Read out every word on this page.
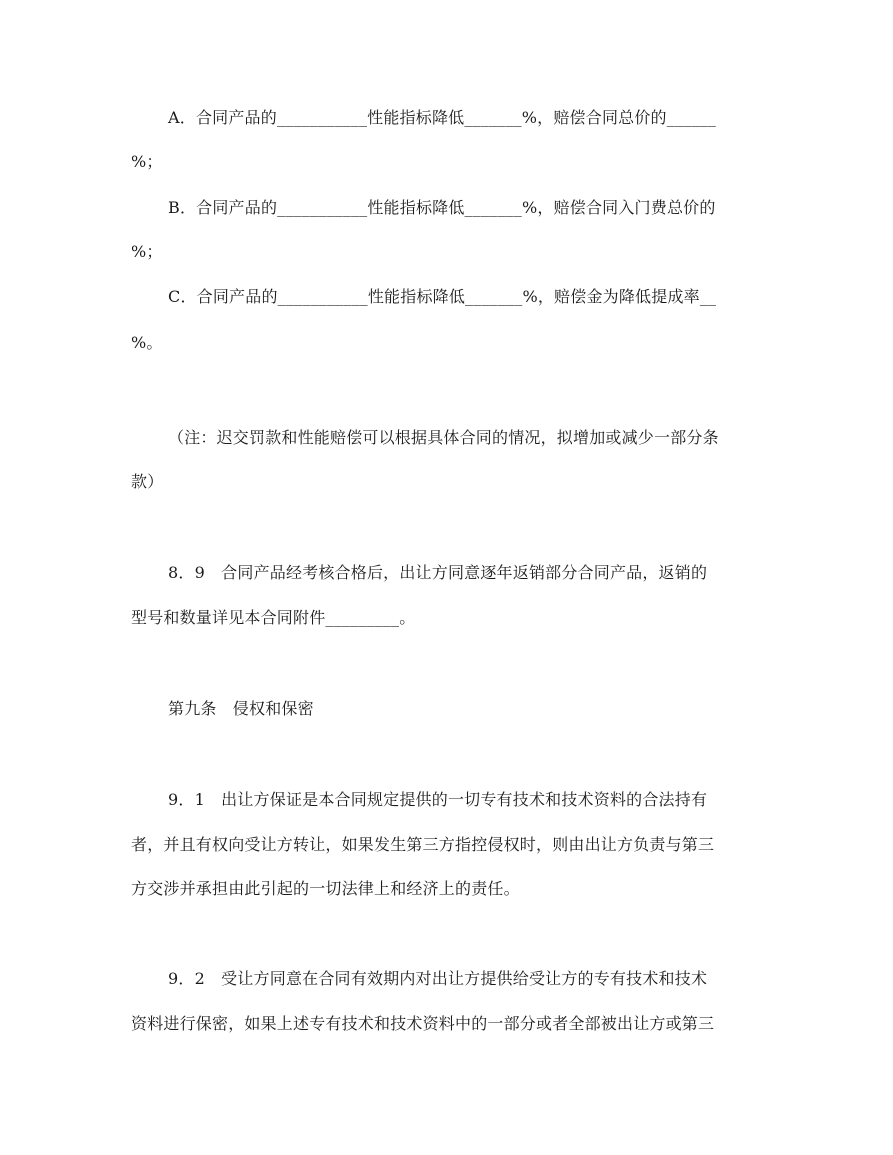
A．合同产品的___________性能指标降低_______%，赔偿合同总价的______
%；
B．合同产品的___________性能指标降低_______%，赔偿合同入门费总价的
%；
C．合同产品的___________性能指标降低_______%，赔偿金为降低提成率__
%。
（注：迟交罚款和性能赔偿可以根据具体合同的情况，拟增加或减少一部分条
款）
8．9　合同产品经考核合格后，出让方同意逐年返销部分合同产品，返销的
型号和数量详见本合同附件_________。
第九条　侵权和保密
9．1　出让方保证是本合同规定提供的一切专有技术和技术资料的合法持有
者，并且有权向受让方转让，如果发生第三方指控侵权时，则由出让方负责与第三
方交涉并承担由此引起的一切法律上和经济上的责任。
9．2　受让方同意在合同有效期内对出让方提供给受让方的专有技术和技术
资料进行保密，如果上述专有技术和技术资料中的一部分或者全部被出让方或第三
